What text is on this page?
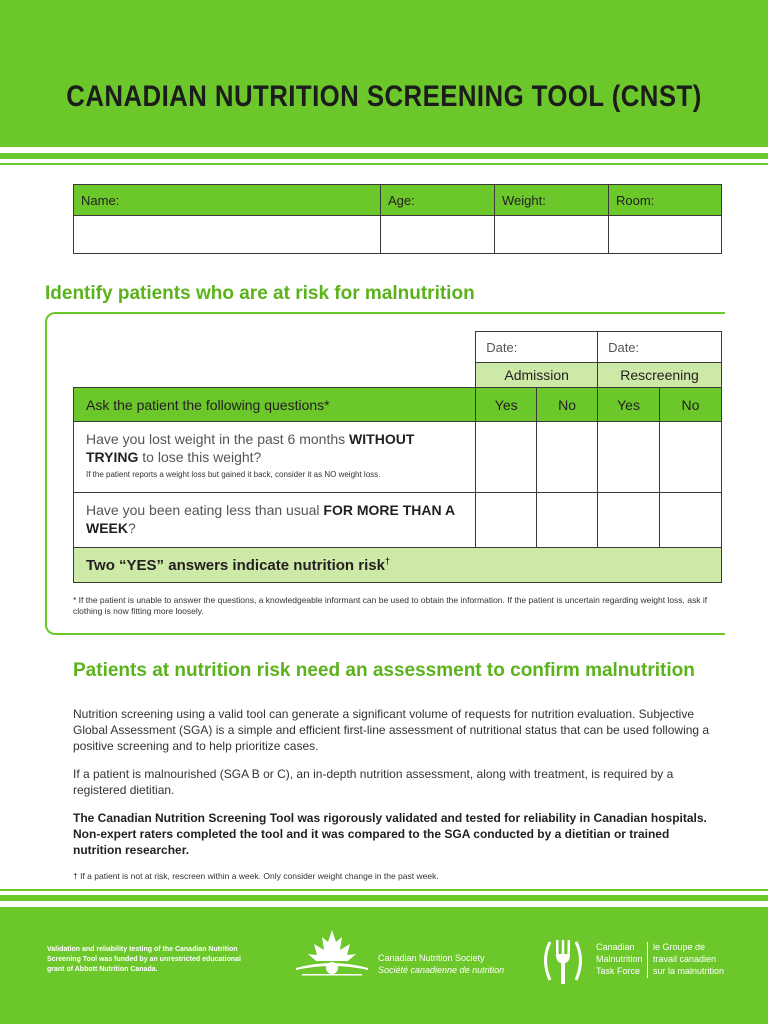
CANADIAN NUTRITION SCREENING TOOL (CNST)
Name:	Age:	Weight:	Room:

Identify patients who are at risk for malnutrition
	Date:		Date:	
	Admission		Rescreening	
Ask the patient the following questions*	Yes	No	Yes	No
Have you lost weight in the past 6 months WITHOUT TRYING to lose this weight?
If the patient reports a weight loss but gained it back, consider it as NO weight loss.				

Have you been eating less than usual FOR MORE THAN A WEEK?				
Two “YES” answers indicate nutrition risk†
* If the patient is unable to answer the questions, a knowledgeable informant can be used to obtain the information. If the patient is uncertain regarding weight loss, ask if clothing is now fitting more loosely.
Patients at nutrition risk need an assessment to confirm malnutrition

Nutrition screening using a valid tool can generate a significant volume of requests for nutrition evaluation. Subjective Global Assessment (SGA) is a simple and efficient first-line assessment of nutritional status that can be used following a positive screening and to help prioritize cases.

If a patient is malnourished (SGA B or C), an in-depth nutrition assessment, along with treatment, is required by a registered dietitian.

The Canadian Nutrition Screening Tool was rigorously validated and tested for reliability in Canadian hospitals. Non-expert raters completed the tool and it was compared to the SGA conducted by a dietitian or trained nutrition researcher.

† If a patient is not at risk, rescreen within a week. Only consider weight change in the past week.
Validation and reliability testing of the Canadian Nutrition Screening Tool was funded by an unrestricted educational grant of Abbott Nutrition Canada.
Canadian Nutrition Society
Société canadienne de nutrition
Canadian
Malnutrition
Task Force
le Groupe de
travail canadien
sur la malnutrition
